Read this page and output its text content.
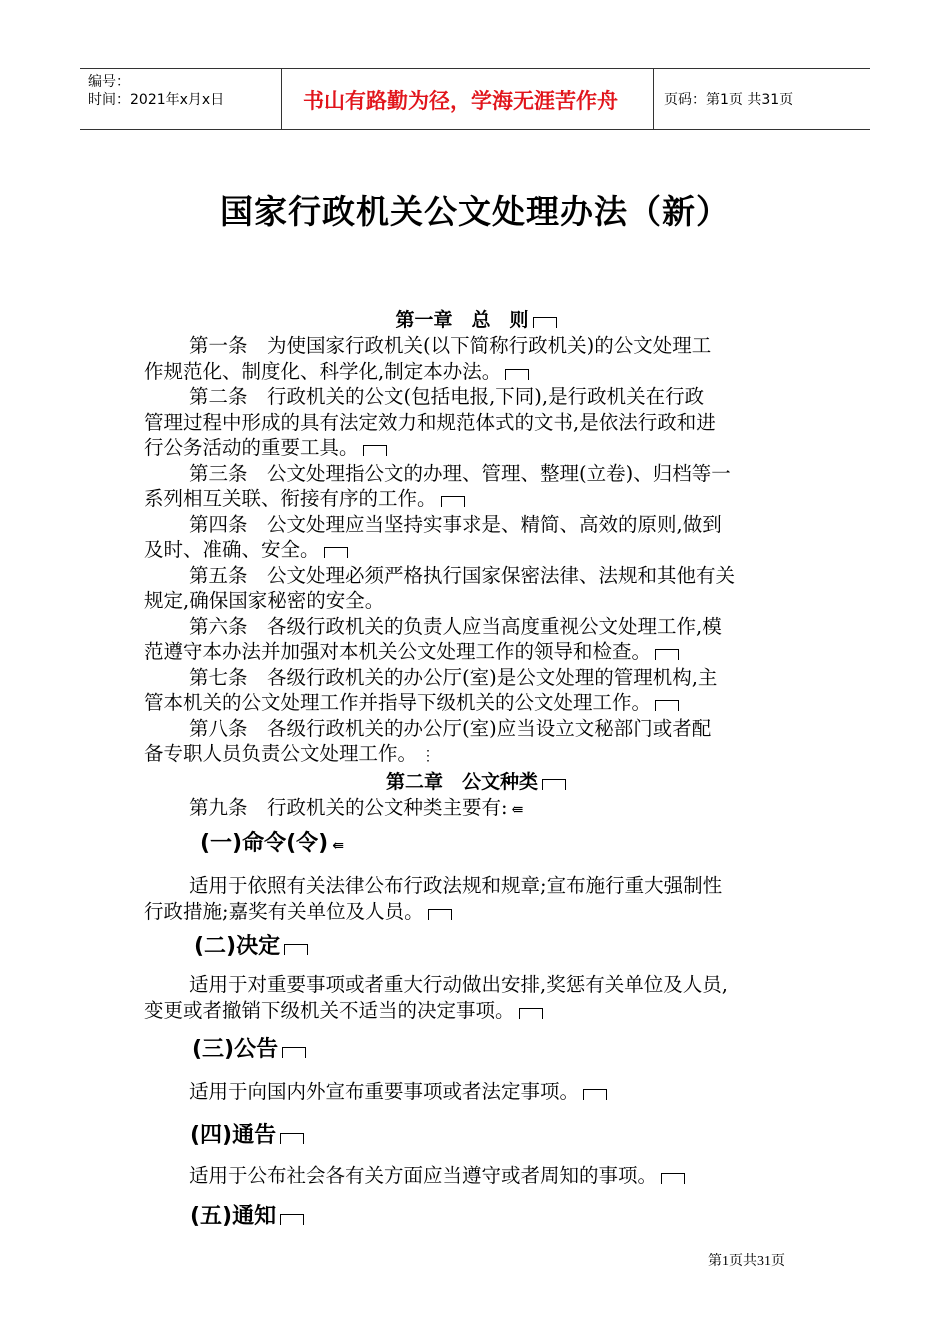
编号：
时间：2021年x月x日	书山有路勤为径，学海无涯苦作舟	页码：第1页 共31页
国家行政机关公文处理办法（新）

第一章　总　则

第一条　为使国家行政机关(以下简称行政机关)的公文处理工

作规范化、制度化、科学化,制定本办法。

第二条　行政机关的公文(包括电报,下同),是行政机关在行政

管理过程中形成的具有法定效力和规范体式的文书,是依法行政和进

行公务活动的重要工具。

第三条　公文处理指公文的办理、管理、整理(立卷)、归档等一

系列相互关联、衔接有序的工作。

第四条　公文处理应当坚持实事求是、精简、高效的原则,做到

及时、准确、安全。

第五条　公文处理必须严格执行国家保密法律、法规和其他有关

规定,确保国家秘密的安全。

第六条　各级行政机关的负责人应当高度重视公文处理工作,模

范遵守本办法并加强对本机关公文处理工作的领导和检查。

第七条　各级行政机关的办公厅(室)是公文处理的管理机构,主

管本机关的公文处理工作并指导下级机关的公文处理工作。

第八条　各级行政机关的办公厅(室)应当设立文秘部门或者配

备专职人员负责公文处理工作。 ⋮

第二章　公文种类

第九条　行政机关的公文种类主要有: ⇚

(一)命令(令) ⇚

适用于依照有关法律公布行政法规和规章;宣布施行重大强制性

行政措施;嘉奖有关单位及人员。

(二)决定

适用于对重要事项或者重大行动做出安排,奖惩有关单位及人员,

变更或者撤销下级机关不适当的决定事项。

(三)公告

适用于向国内外宣布重要事项或者法定事项。

(四)通告

适用于公布社会各有关方面应当遵守或者周知的事项。

(五)通知

第1页共31页
